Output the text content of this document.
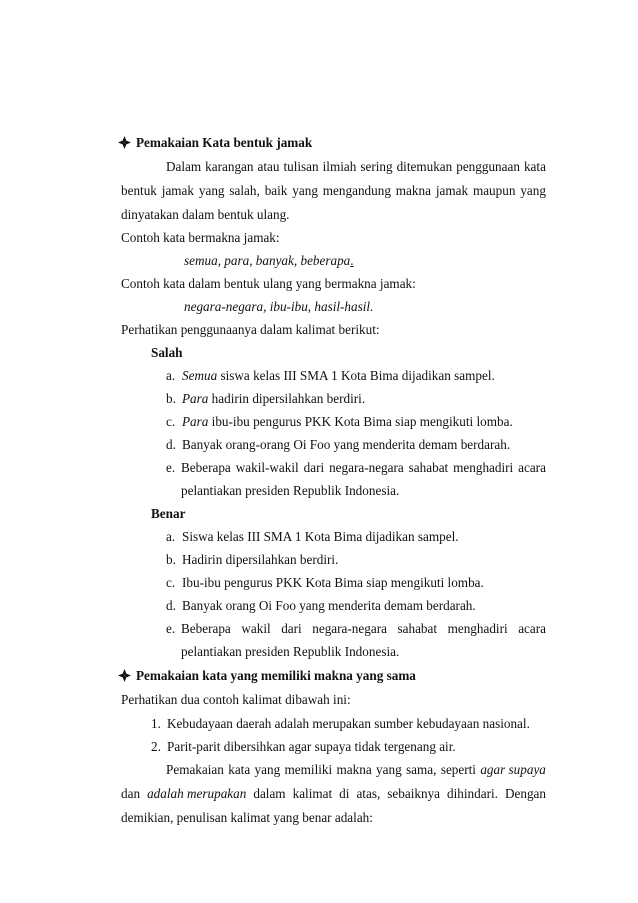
Pemakaian Kata bentuk jamak
Dalam karangan atau tulisan ilmiah sering ditemukan penggunaan kata
bentuk jamak yang salah, baik yang mengandung makna jamak maupun yang
dinyatakan dalam bentuk ulang.
Contoh kata bermakna jamak:
semua, para, banyak, beberapa.
Contoh kata dalam bentuk ulang yang bermakna jamak:
negara-negara, ibu-ibu, hasil-hasil.
Perhatikan penggunaanya dalam kalimat berikut:
Salah
a. Semua siswa kelas III SMA 1 Kota Bima dijadikan sampel.
b. Para hadirin dipersilahkan berdiri.
c. Para ibu-ibu pengurus PKK Kota Bima siap mengikuti lomba.
d. Banyak orang-orang Oi Foo yang menderita demam berdarah.
e. Beberapa wakil-wakil dari negara-negara sahabat menghadiri acara
pelantiakan presiden Republik Indonesia.
Benar
a. Siswa kelas III SMA 1 Kota Bima dijadikan sampel.
b. Hadirin dipersilahkan berdiri.
c. Ibu-ibu pengurus PKK Kota Bima siap mengikuti lomba.
d. Banyak orang Oi Foo yang menderita demam berdarah.
e. Beberapa wakil dari negara-negara sahabat menghadiri acara
pelantiakan presiden Republik Indonesia.
Pemakaian kata yang memiliki makna yang sama
Perhatikan dua contoh kalimat dibawah ini:
1. Kebudayaan daerah adalah merupakan sumber kebudayaan nasional.
2. Parit-parit dibersihkan agar supaya tidak tergenang air.
Pemakaian kata yang memiliki makna yang sama, seperti agar supaya
dan adalah merupakan dalam kalimat di atas, sebaiknya dihindari. Dengan
demikian, penulisan kalimat yang benar adalah:
